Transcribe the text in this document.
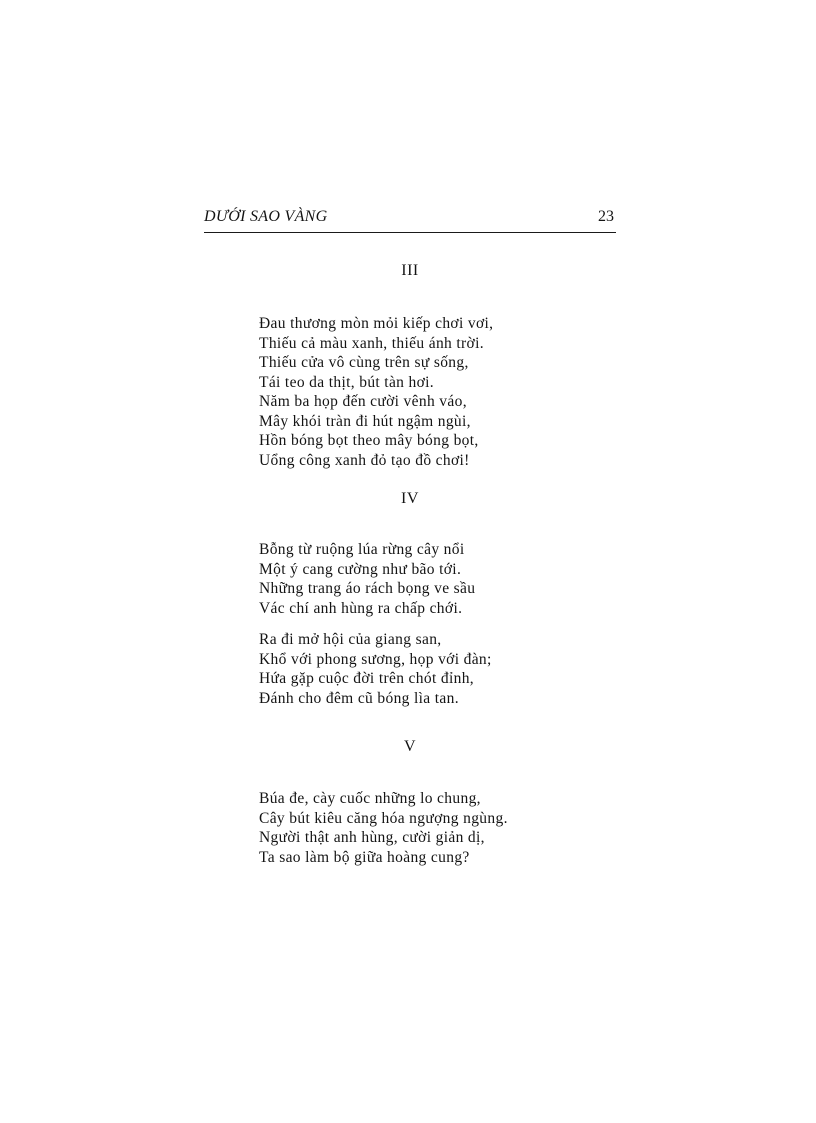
DƯỚI SAO VÀNG	23
III
Đau thương mòn mỏi kiếp chơi vơi,
Thiếu cả màu xanh, thiếu ánh trời.
Thiếu cửa vô cùng trên sự sống,
Tái teo da thịt, bút tàn hơi.
Năm ba họp đến cười vênh váo,
Mây khói tràn đi hút ngậm ngùi,
Hồn bóng bọt theo mây bóng bọt,
Uổng công xanh đỏ tạo đồ chơi!
IV
Bỗng từ ruộng lúa rừng cây nổi
Một ý cang cường như bão tới.
Những trang áo rách bọng ve sầu
Vác chí anh hùng ra chấp chới.
Ra đi mở hội của giang san,
Khổ với phong sương, họp với đàn;
Hứa gặp cuộc đời trên chót đỉnh,
Đánh cho đêm cũ bóng lìa tan.
V
Búa đe, cày cuốc những lo chung,
Cây bút kiêu căng hóa ngượng ngùng.
Người thật anh hùng, cười giản dị,
Ta sao làm bộ giữa hoàng cung?
